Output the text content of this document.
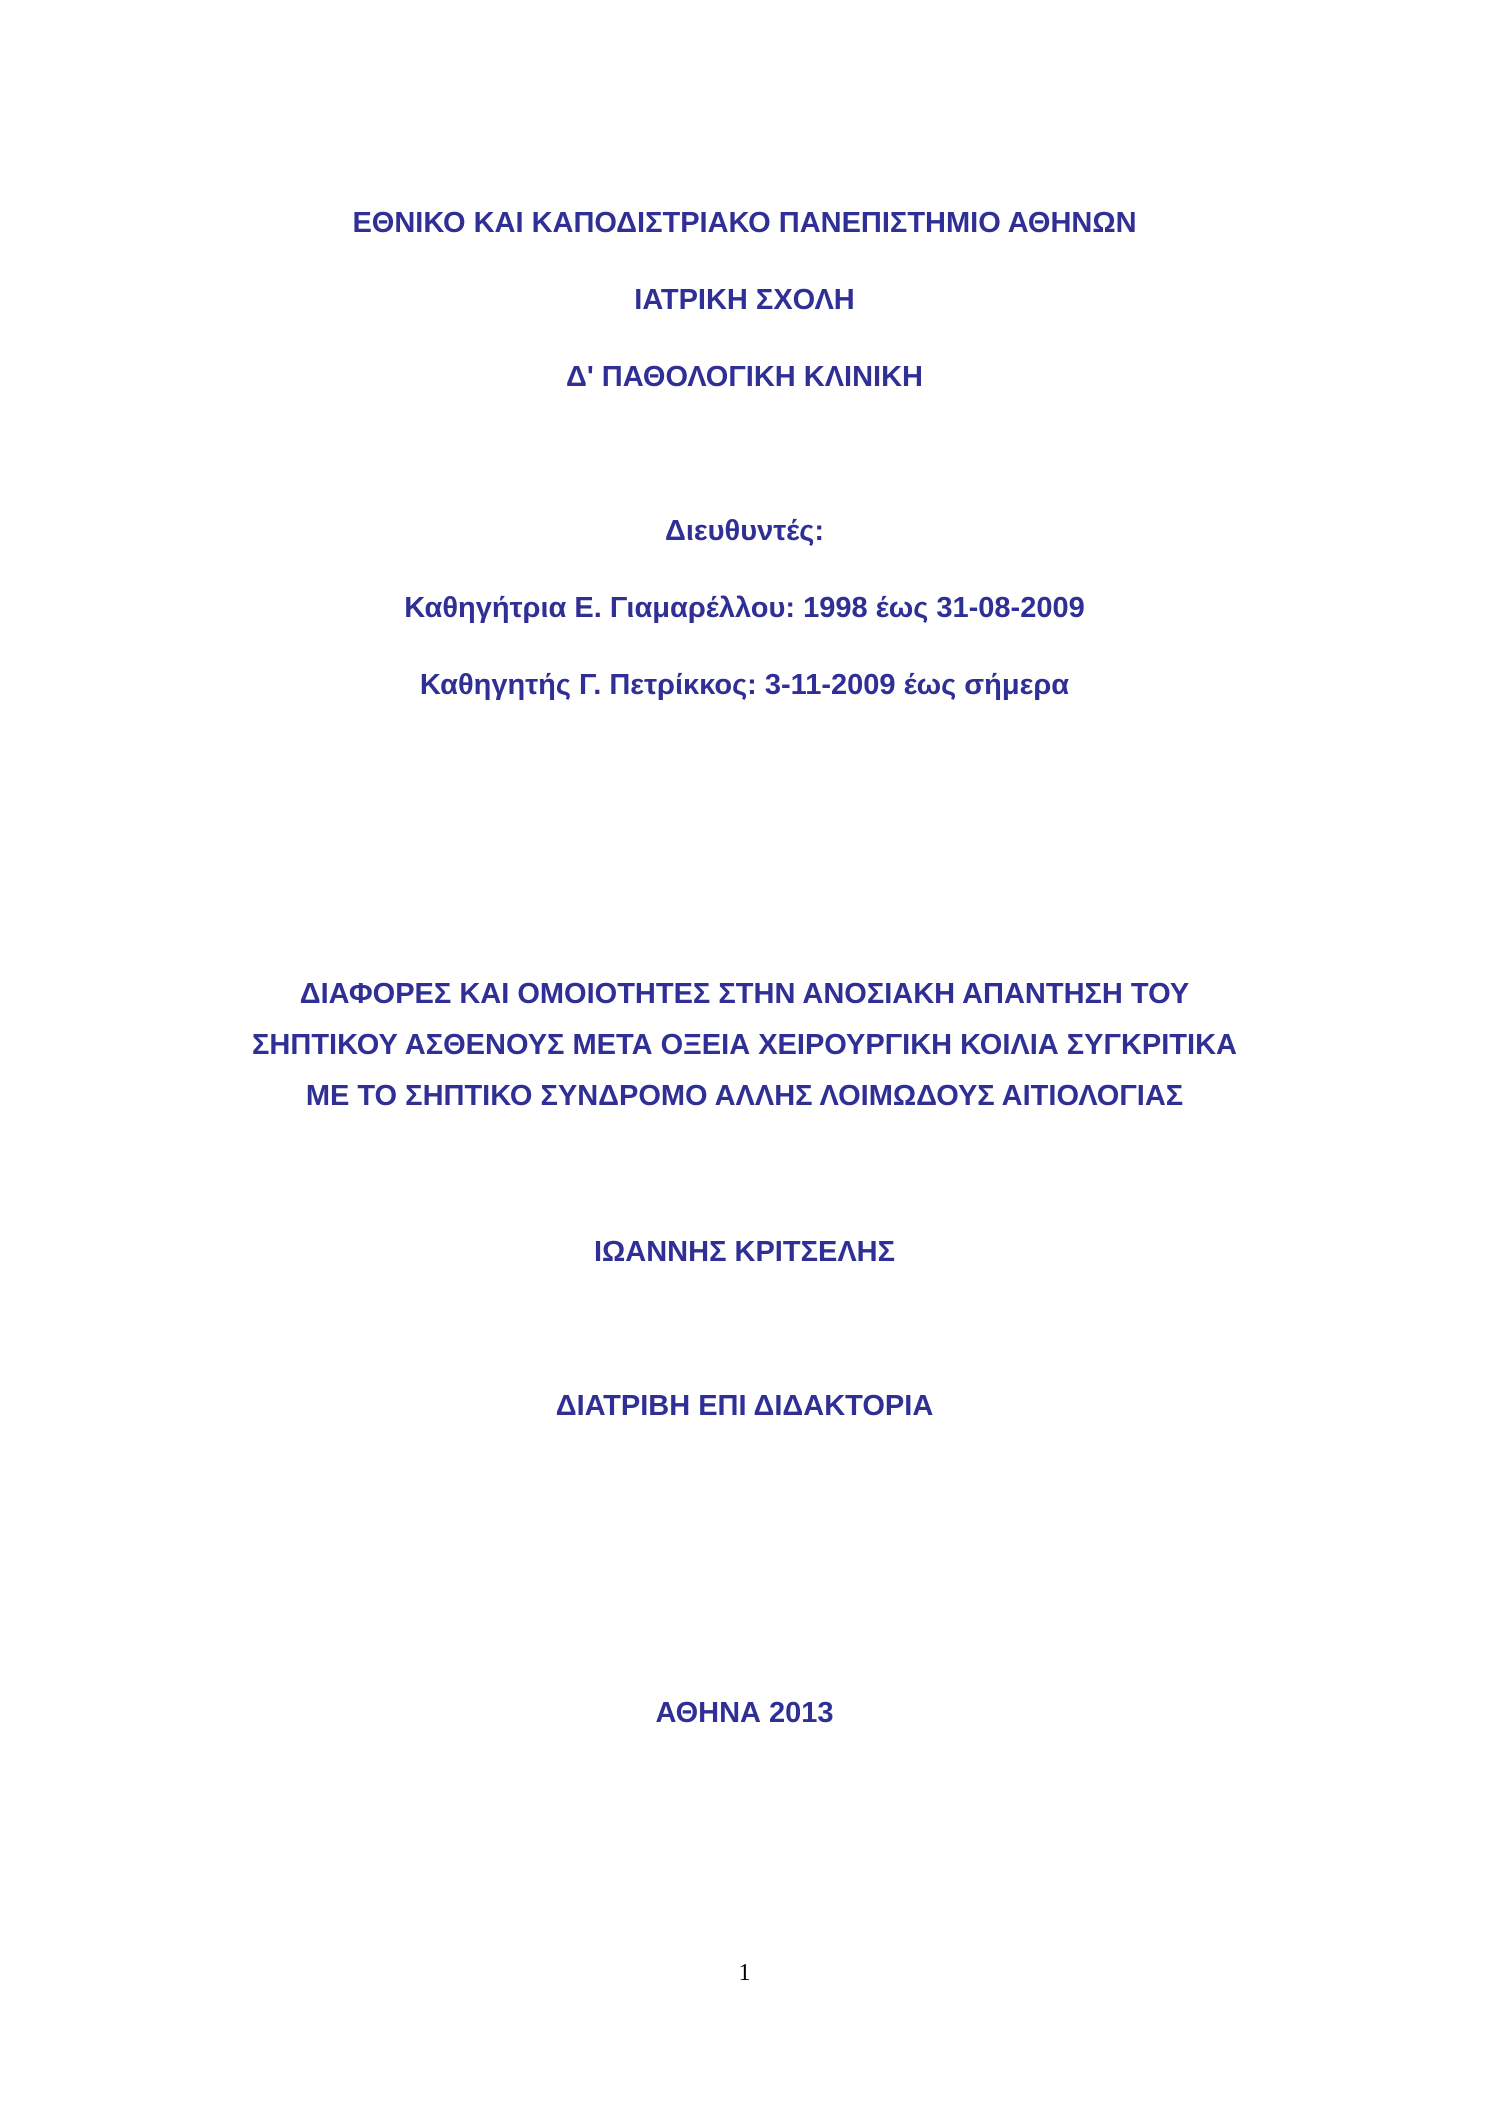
ΕΘΝΙΚΟ ΚΑΙ ΚΑΠΟΔΙΣΤΡΙΑΚΟ ΠΑΝΕΠΙΣΤΗΜΙΟ ΑΘΗΝΩΝ
ΙΑΤΡΙΚΗ ΣΧΟΛΗ
Δ' ΠΑΘΟΛΟΓΙΚΗ ΚΛΙΝΙΚΗ
Διευθυντές:
Καθηγήτρια Ε. Γιαμαρέλλου: 1998 έως 31-08-2009
Καθηγητής Γ. Πετρίκκος: 3-11-2009 έως σήμερα
ΔΙΑΦΟΡΕΣ ΚΑΙ ΟΜΟΙΟΤΗΤΕΣ ΣΤΗΝ ΑΝΟΣΙΑΚΗ ΑΠΑΝΤΗΣΗ ΤΟΥ
ΣΗΠΤΙΚΟΥ ΑΣΘΕΝΟΥΣ ΜΕΤΑ ΟΞΕΙΑ ΧΕΙΡΟΥΡΓΙΚΗ ΚΟΙΛΙΑ ΣΥΓΚΡΙΤΙΚΑ
ΜΕ ΤΟ ΣΗΠΤΙΚΟ ΣΥΝΔΡΟΜΟ ΑΛΛΗΣ ΛΟΙΜΩΔΟΥΣ ΑΙΤΙΟΛΟΓΙΑΣ
ΙΩΑΝΝΗΣ ΚΡΙΤΣΕΛΗΣ
ΔΙΑΤΡΙΒΗ ΕΠΙ ΔΙΔΑΚΤΟΡΙΑ
ΑΘΗΝΑ 2013
1
